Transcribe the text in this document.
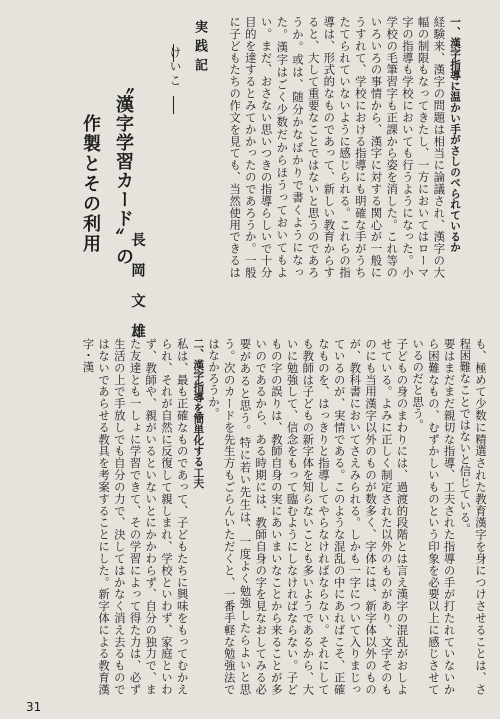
一、漢字指導に温かい手がさしのべられているか
経験来、漢字の問題は相当に論議され、漢字の大幅の制限もなってきたし、一方においてはローマ字の指導も学校においても行うようになった。小学校の毛筆習字も正課から姿を消した。これ等のいろいろの事情から、漢字に対する関心が一般にうすれて、学校における指導にも明確な手がうちたてられていないように感じられる。これらの指導は、形式的なものであって、新しい教育からすると、大して重要なことではないと思うのであろうか。或は、随分かなばかりで書くようになった。漢字はごく少数だからほうっておいてもよい。まだ、おさない思いつきの指導らしいで十分目的を達するとみてかかったのであろうか。一般に子どもたちの作文を見ても、当然使用できるは
実践記
けいこ
〝漢字学習カード〟の
作製とその利用
長岡文雄
も、極めて少数に精選された教育漢字を身につけさせることは、さ程困難なことではないと信じている。
要はまだまだ親切な指導、工夫された指導の手が打たれていないから困難なもの、むずかしいものという印象を必要以上に感じさせているのだと思う。
子どもの身のまわりには、過渡的段階とは言え漢字の混乱がおしよせている。よみに正しく制定された以外のものがあり、文字そのものにも当用漢字以外のものが数多く、字体には、新字体以外のものが、教科書においてさえみられる。しかも一字について入りまじっているのが、実情である。このような混乱の中にあればこそ、正確なものを、はっきりと指導してやらなければならない。それにしても教師は子どもの新字体を知らないことも多いようであるから、大いに勉強して、信念をもって臨むようにしなければならない。子どもの字の誤りは、教師自身の実にあいまいなことから来ることが多いのであるから、ある時期には、教師自身の字を見なおしてみる必要があると思う。特に若い先生は、一度よく勉強したらよいと思う。次のカードを先生方もごらんいただくと、一番手軽な勉強法ではなかろうか。
二、漢字指導を簡単化する工夫
私は、最も正確なものであって、子どもたちに興味をもってむかえられ、それが自然に反復して親しまれ、学校といわず、家庭といわず、教師や、親がいるといないとにかかわらず、自分の独力で、また友達とも一しょに学習できて、その学習によって得た力は、必ず生活の上で手放しでも自分の力で、決してはかなく消え去るものではないであらせる教具を考案することにした。新字体による教育漢字・漢
31
